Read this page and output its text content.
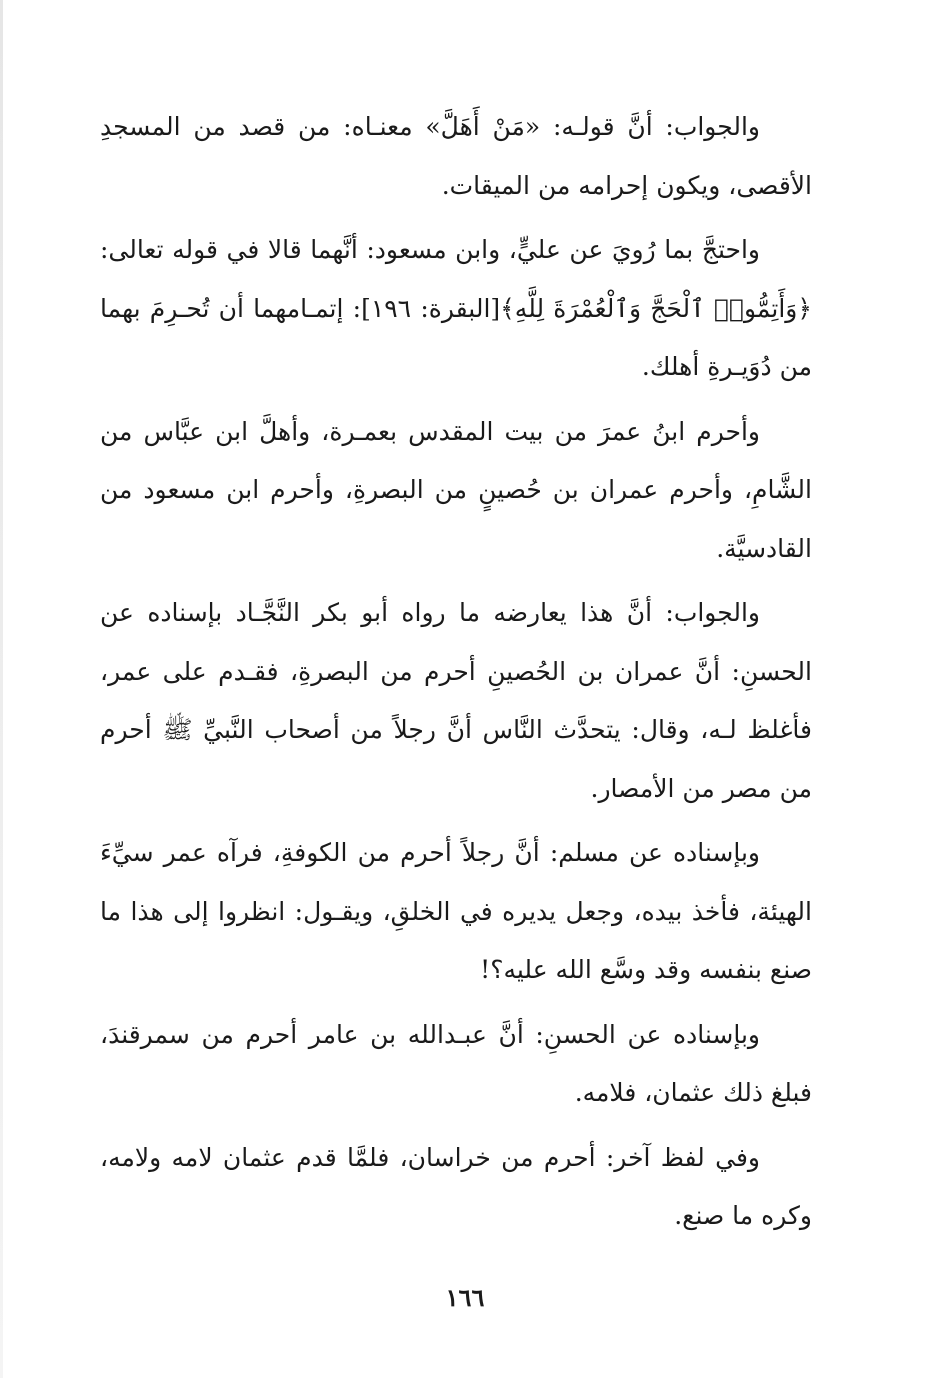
والجواب: أنَّ قولـه: «مَنْ أَهَلَّ» معنـاه: من قصد من المسجدِ الأقصى، ويكون إحرامه من الميقات.

واحتجَّ بما رُويَ عن عليٍّ، وابن مسعود: أنَّهما قالا في قوله تعالى: ﴿وَأَتِمُّوا۟ ٱلْحَجَّ وَٱلْعُمْرَةَ لِلَّهِ﴾[البقرة: ١٩٦]: إتمـامهما أن تُحـرِمَ بهما من دُوَيـرةِ أهلك.

وأحرم ابنُ عمرَ من بيت المقدس بعمـرة، وأهلَّ ابن عبَّاس من الشَّامِ، وأحرم عمران بن حُصينٍ من البصرةِ، وأحرم ابن مسعود من القادسيَّة.

والجواب: أنَّ هذا يعارضه ما رواه أبو بكر النَّجَّـاد بإسناده عن الحسنِ: أنَّ عمران بن الحُصينِ أحرم من البصرةِ، فقـدم على عمر، فأغلظ لـه، وقال: يتحدَّث النَّاس أنَّ رجلاً من أصحاب النَّبيِّ ﷺ أحرم من مصر من الأمصار.

وبإسناده عن مسلم: أنَّ رجلاً أحرم من الكوفةِ، فرآه عمر سيِّءَ الهيئة، فأخذ بيده، وجعل يديره في الخلقِ، ويقـول: انظروا إلى هذا ما صنع بنفسه وقد وسَّع الله عليه؟!

وبإسناده عن الحسنِ: أنَّ عبـدالله بن عامر أحرم من سمرقندَ، فبلغ ذلك عثمان، فلامه.

وفي لفظ آخر: أحرم من خراسان، فلمَّا قدم عثمان لامه ولامه، وكره ما صنع.

١٦٦
